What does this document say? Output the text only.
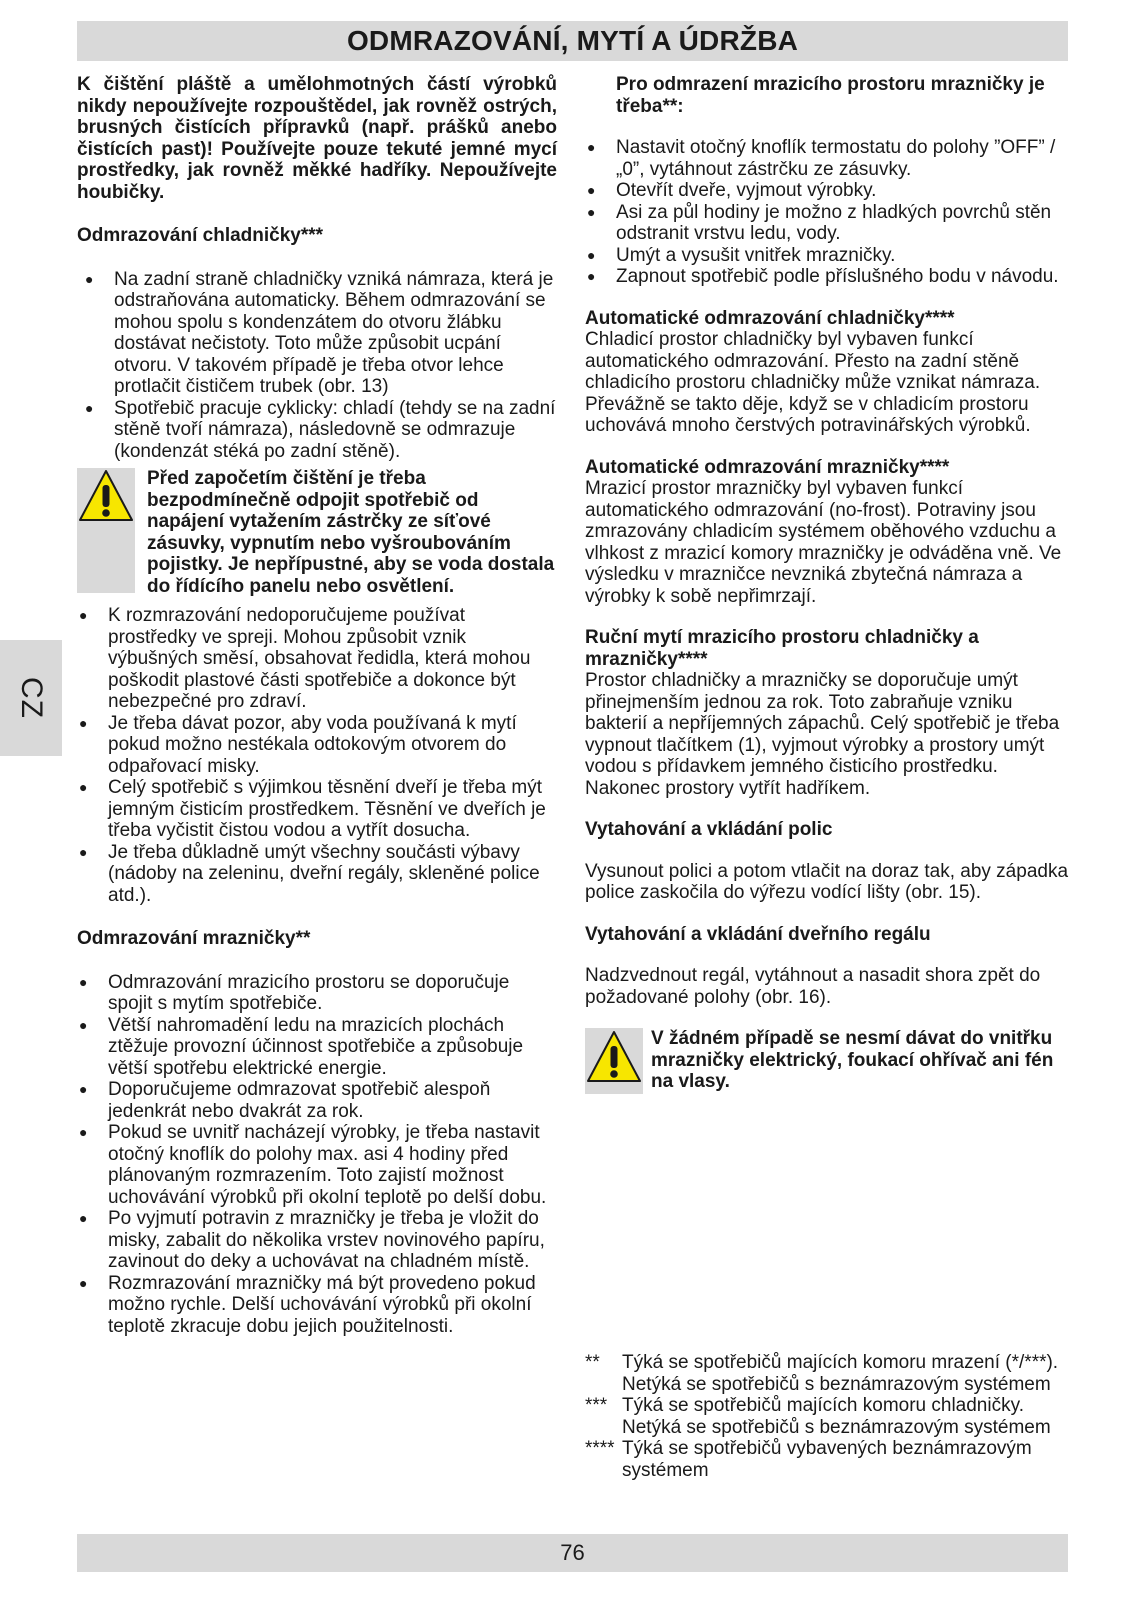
ODMRAZOVÁNÍ, MYTÍ A ÚDRŽBA
CZ

K čištění pláště a umělohmotných částí výrobků nikdy nepoužívejte rozpouštědel, jak rovněž ostrých, brusných čistících přípravků (např. prášků anebo čistících past)! Používejte pouze tekuté jemné mycí prostředky, jak rovněž měkké hadříky. Nepoužívejte houbičky.

Odmrazování chladničky***

● Na zadní straně chladničky vzniká námraza, která je odstraňována automaticky. Během odmrazování se mohou spolu s kondenzátem do otvoru žlábku dostávat nečistoty. Toto může způsobit ucpání otvoru. V takovém případě je třeba otvor lehce protlačit čističem trubek (obr. 13)
● Spotřebič pracuje cyklicky: chladí (tehdy se na zadní stěně tvoří námraza), následovně se odmrazuje (kondenzát stéká po zadní stěně).

Před započetím čištění je třeba bezpodmínečně odpojit spotřebič od napájení vytažením zástrčky ze síťové zásuvky, vypnutím nebo vyšroubováním pojistky. Je nepřípustné, aby se voda dostala do řídícího panelu nebo osvětlení.

● K rozmrazování nedoporučujeme používat prostředky ve spreji. Mohou způsobit vznik výbušných směsí, obsahovat ředidla, která mohou poškodit plastové části spotřebiče a dokonce být nebezpečné pro zdraví.
● Je třeba dávat pozor, aby voda používaná k mytí pokud možno nestékala odtokovým otvorem do odpařovací misky.
● Celý spotřebič s výjimkou těsnění dveří je třeba mýt jemným čisticím prostředkem. Těsnění ve dveřích je třeba vyčistit čistou vodou a vytřít dosucha.
● Je třeba důkladně umýt všechny součásti výbavy (nádoby na zeleninu, dveřní regály, skleněné police atd.).

Odmrazování mrazničky**

● Odmrazování mrazicího prostoru se doporučuje spojit s mytím spotřebiče.
● Větší nahromadění ledu na mrazicích plochách ztěžuje provozní účinnost spotřebiče a způsobuje větší spotřebu elektrické energie.
● Doporučujeme odmrazovat spotřebič alespoň jedenkrát nebo dvakrát za rok.
● Pokud se uvnitř nacházejí výrobky, je třeba nastavit otočný knoflík do polohy max. asi 4 hodiny před plánovaným rozmrazením. Toto zajistí možnost uchovávání výrobků při okolní teplotě po delší dobu.
● Po vyjmutí potravin z mrazničky je třeba je vložit do misky, zabalit do několika vrstev novinového papíru, zavinout do deky a uchovávat na chladném místě.
● Rozmrazování mrazničky má být provedeno pokud možno rychle. Delší uchovávání výrobků při okolní teplotě zkracuje dobu jejich použitelnosti.

Pro odmrazení mrazicího prostoru mrazničky je třeba**:

● Nastavit otočný knoflík termostatu do polohy ”OFF” / „0”, vytáhnout zástrčku ze zásuvky.
● Otevřít dveře, vyjmout výrobky.
● Asi za půl hodiny je možno z hladkých povrchů stěn odstranit vrstvu ledu, vody.
● Umýt a vysušit vnitřek mrazničky.
● Zapnout spotřebič podle příslušného bodu v návodu.

Automatické odmrazování chladničky****

Chladicí prostor chladničky byl vybaven funkcí automatického odmrazování. Přesto na zadní stěně chladicího prostoru chladničky může vznikat námraza. Převážně se takto děje, když se v chladicím prostoru uchovává mnoho čerstvých potravinářských výrobků.

Automatické odmrazování mrazničky****

Mrazicí prostor mrazničky byl vybaven funkcí automatického odmrazování (no-frost). Potraviny jsou zmrazovány chladicím systémem oběhového vzduchu a vlhkost z mrazicí komory mrazničky je odváděna vně. Ve výsledku v mrazničce nevzniká zbytečná námraza a výrobky k sobě nepřimrzají.

Ruční mytí mrazicího prostoru chladničky a mrazničky****

Prostor chladničky a mrazničky se doporučuje umýt přinejmenším jednou za rok. Toto zabraňuje vzniku bakterií a nepříjemných zápachů. Celý spotřebič je třeba vypnout tlačítkem (1), vyjmout výrobky a prostory umýt vodou s přídavkem jemného čisticího prostředku. Nakonec prostory vytřít hadříkem.

Vytahování a vkládání polic

Vysunout polici a potom vtlačit na doraz tak, aby západka police zaskočila do výřezu vodící lišty (obr. 15).

Vytahování a vkládání dveřního regálu

Nadzvednout regál, vytáhnout a nasadit shora zpět do požadované polohy (obr. 16).

V žádném případě se nesmí dávat do vnitřku mrazničky elektrický, foukací ohřívač ani fén na vlasy.

** Týká se spotřebičů majících komoru mrazení (*/***). Netýká se spotřebičů s beznámrazovým systémem
*** Týká se spotřebičů majících komoru chladničky. Netýká se spotřebičů s beznámrazovým systémem
**** Týká se spotřebičů vybavených beznámrazovým systémem
76
